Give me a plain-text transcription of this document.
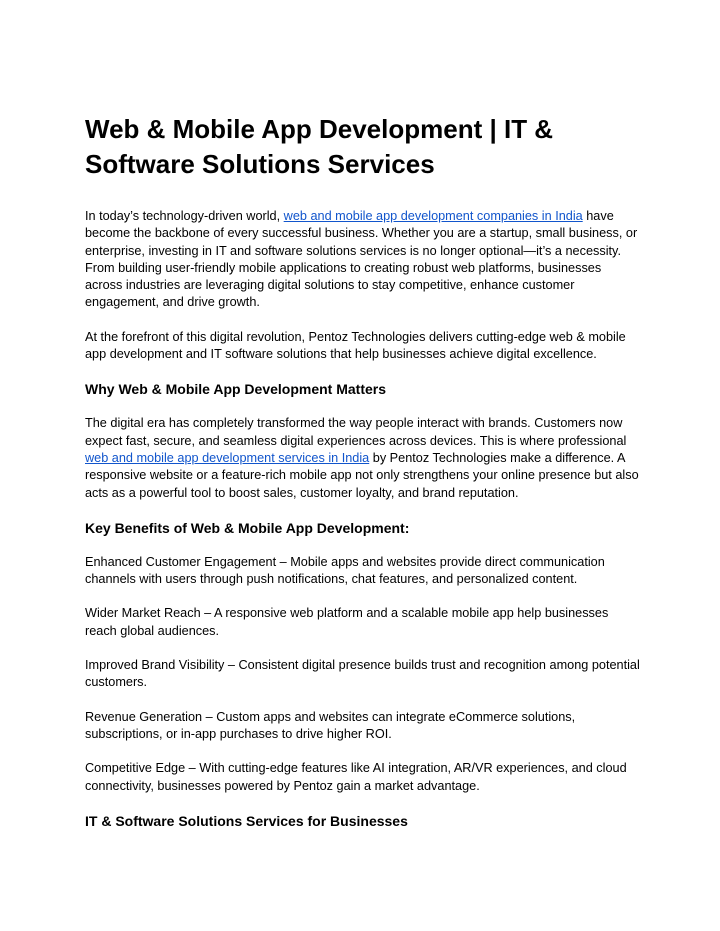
Web & Mobile App Development | IT & Software Solutions Services

In today’s technology-driven world, web and mobile app development companies in India have become the backbone of every successful business. Whether you are a startup, small business, or enterprise, investing in IT and software solutions services is no longer optional—it’s a necessity. From building user-friendly mobile applications to creating robust web platforms, businesses across industries are leveraging digital solutions to stay competitive, enhance customer engagement, and drive growth.

At the forefront of this digital revolution, Pentoz Technologies delivers cutting-edge web & mobile app development and IT software solutions that help businesses achieve digital excellence.

Why Web & Mobile App Development Matters

The digital era has completely transformed the way people interact with brands. Customers now expect fast, secure, and seamless digital experiences across devices. This is where professional web and mobile app development services in India by Pentoz Technologies make a difference. A responsive website or a feature-rich mobile app not only strengthens your online presence but also acts as a powerful tool to boost sales, customer loyalty, and brand reputation.

Key Benefits of Web & Mobile App Development:

Enhanced Customer Engagement – Mobile apps and websites provide direct communication channels with users through push notifications, chat features, and personalized content.

Wider Market Reach – A responsive web platform and a scalable mobile app help businesses reach global audiences.

Improved Brand Visibility – Consistent digital presence builds trust and recognition among potential customers.

Revenue Generation – Custom apps and websites can integrate eCommerce solutions, subscriptions, or in-app purchases to drive higher ROI.

Competitive Edge – With cutting-edge features like AI integration, AR/VR experiences, and cloud connectivity, businesses powered by Pentoz gain a market advantage.

IT & Software Solutions Services for Businesses
